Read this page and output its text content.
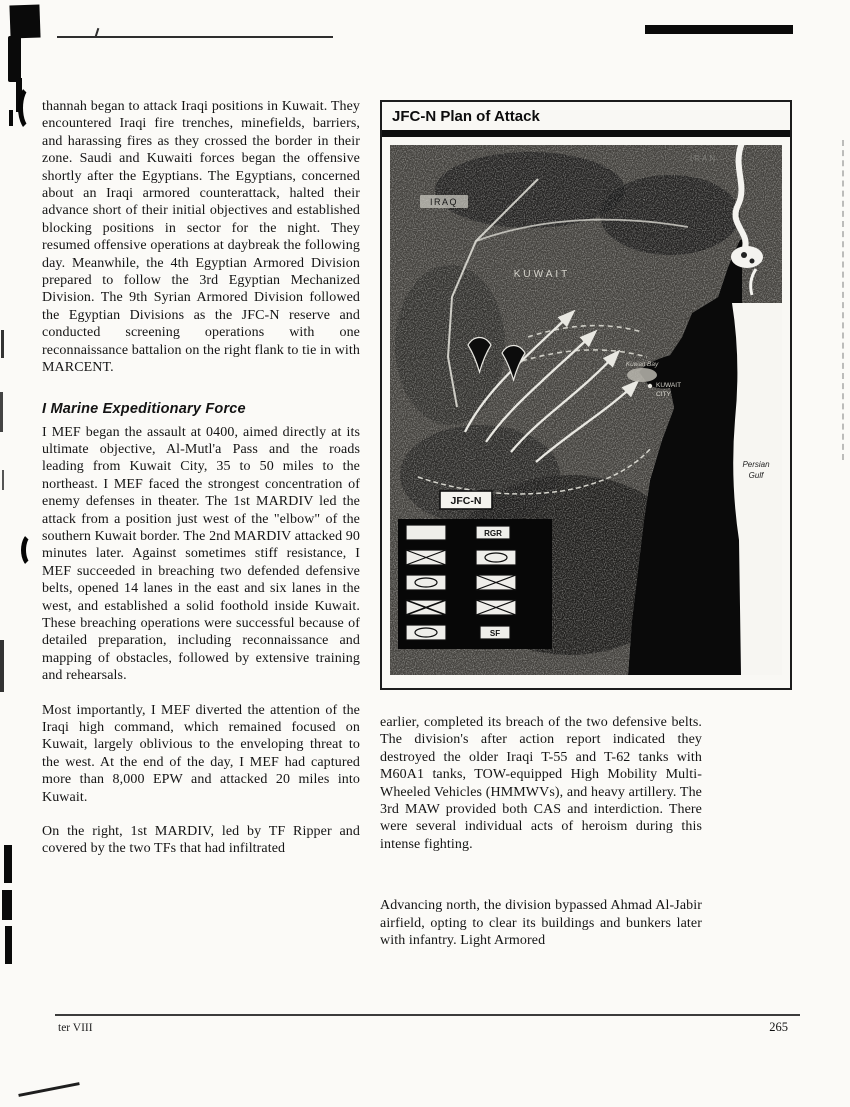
thannah began to attack Iraqi positions in Kuwait. They encountered Iraqi fire trenches, minefields, barriers, and harassing fires as they crossed the border in their zone. Saudi and Kuwaiti forces began the offensive shortly after the Egyptians. The Egyptians, concerned about an Iraqi armored counterattack, halted their advance short of their initial objectives and established blocking positions in sector for the night. They resumed offensive operations at daybreak the following day. Meanwhile, the 4th Egyptian Armored Division prepared to follow the 3rd Egyptian Mechanized Division. The 9th Syrian Armored Division followed the Egyptian Divisions as the JFC-N reserve and conducted screening operations with one reconnaissance battalion on the right flank to tie in with MARCENT.

I Marine Expeditionary Force

I MEF began the assault at 0400, aimed directly at its ultimate objective, Al-Mutl'a Pass and the roads leading from Kuwait City, 35 to 50 miles to the northeast. I MEF faced the strongest concentration of enemy defenses in theater. The 1st MARDIV led the attack from a position just west of the "elbow" of the southern Kuwait border. The 2nd MARDIV attacked 90 minutes later. Against sometimes stiff resistance, I MEF succeeded in breaching two defended defensive belts, opened 14 lanes in the east and six lanes in the west, and established a solid foothold inside Kuwait. These breaching operations were successful because of detailed preparation, including reconnaissance and mapping of obstacles, followed by extensive training and rehearsals.

Most importantly, I MEF diverted the attention of the Iraqi high command, which remained focused on Kuwait, largely oblivious to the enveloping threat to the west. At the end of the day, I MEF had captured more than 8,000 EPW and attacked 20 miles into Kuwait.

On the right, 1st MARDIV, led by TF Ripper and covered by the two TFs that had infiltrated

JFC-N Plan of Attack
JFC-N
RGR
SF
IRAN
IRAQ
KUWAIT
Kuwait Bay
KUWAIT
CITY
Persian
Gulf

earlier, completed its breach of the two defensive belts. The division's after action report indicated they destroyed the older Iraqi T-55 and T-62 tanks with M60A1 tanks, TOW-equipped High Mobility Multi-Wheeled Vehicles (HMMWVs), and heavy artillery. The 3rd MAW provided both CAS and interdiction. There were several individual acts of heroism during this intense fighting.

Advancing north, the division bypassed Ahmad Al-Jabir airfield, opting to clear its buildings and bunkers later with infantry. Light Armored

ter VIII	265
